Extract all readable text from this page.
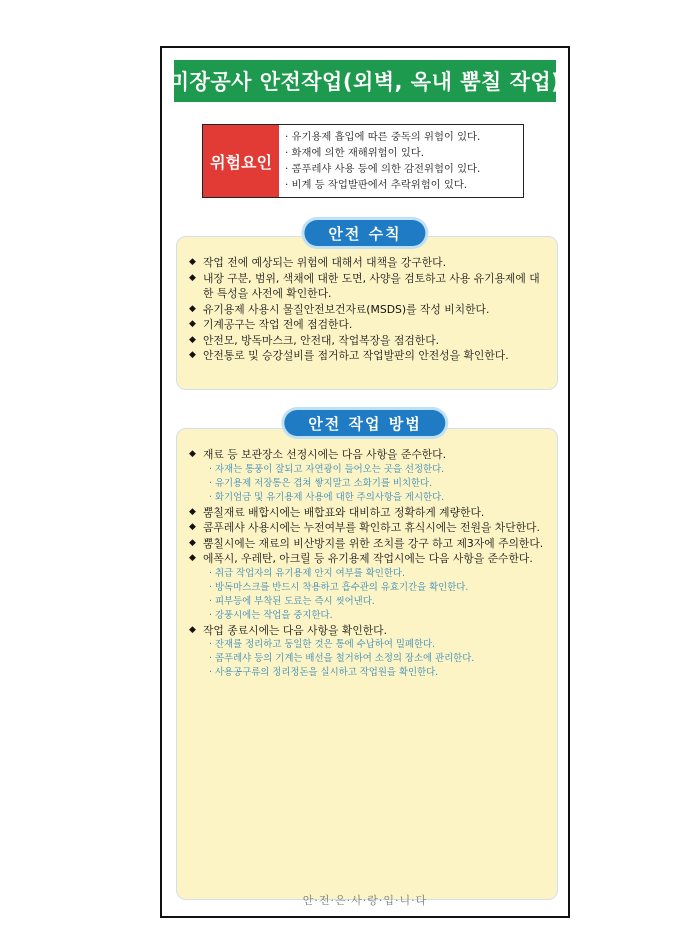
미장공사 안전작업(외벽, 옥내 뿜칠 작업)
위험요인
· 유기용제 흡입에 따른 중독의 위험이 있다.
· 화재에 의한 재해위험이 있다.
· 콤푸레샤 사용 등에 의한 감전위험이 있다.
· 비계 등 작업발판에서 추락위험이 있다.
◆ 작업 전에 예상되는 위험에 대해서 대책을 강구한다.
◆ 내장 구분, 범위, 색채에 대한 도면, 사양을 검토하고 사용 유기용제에 대한 특성을 사전에 확인한다.
◆ 유기용제 사용시 물질안전보건자료(MSDS)를 작성 비치한다.
◆ 기계공구는 작업 전에 점검한다.
◆ 안전모, 방독마스크, 안전대, 작업복장을 점검한다.
◆ 안전통로 및 승강설비를 점거하고 작업발판의 안전성을 확인한다.
안전 수칙
◆ 재료 등 보관장소 선정시에는 다음 사항을 준수한다.
· 자재는 통풍이 잘되고 자연광이 들어오는 곳을 선정한다.
· 유기용제 저장통은 겹쳐 쌓지말고 소화기를 비치한다.
· 화기엄금 및 유기용제 사용에 대한 주의사항을 게시한다.
◆ 뿜칠재료 배합시에는 배합표와 대비하고 정확하게 계량한다.
◆ 콤푸레샤 사용시에는 누전여부를 확인하고 휴식시에는 전원을 차단한다.
◆ 뿜칠시에는 재료의 비산방지를 위한 조치를 강구 하고 제3자에 주의한다.
◆ 에폭시, 우레탄, 아크릴 등 유기용제 작업시에는 다음 사항을 준수한다.
· 취급 작업자의 유기용제 안지 여부를 확인한다.
· 방독마스크를 반드시 착용하고 흡수관의 유효기간을 확인한다.
· 피부등에 부착된 도료는 즉시 씻어낸다.
· 강풍시에는 작업을 중지한다.
◆ 작업 종료시에는 다음 사항을 확인한다.
· 잔재를 정리하고 동일한 것은 통에 수납하여 밀폐한다.
· 콤푸레샤 등의 기계는 배선을 철거하여 소정의 장소에 관리한다.
· 사용공구류의 정리정돈을 실시하고 작업원을 확인한다.
안전 작업 방법
안·전·은·사·랑·입·니·다
